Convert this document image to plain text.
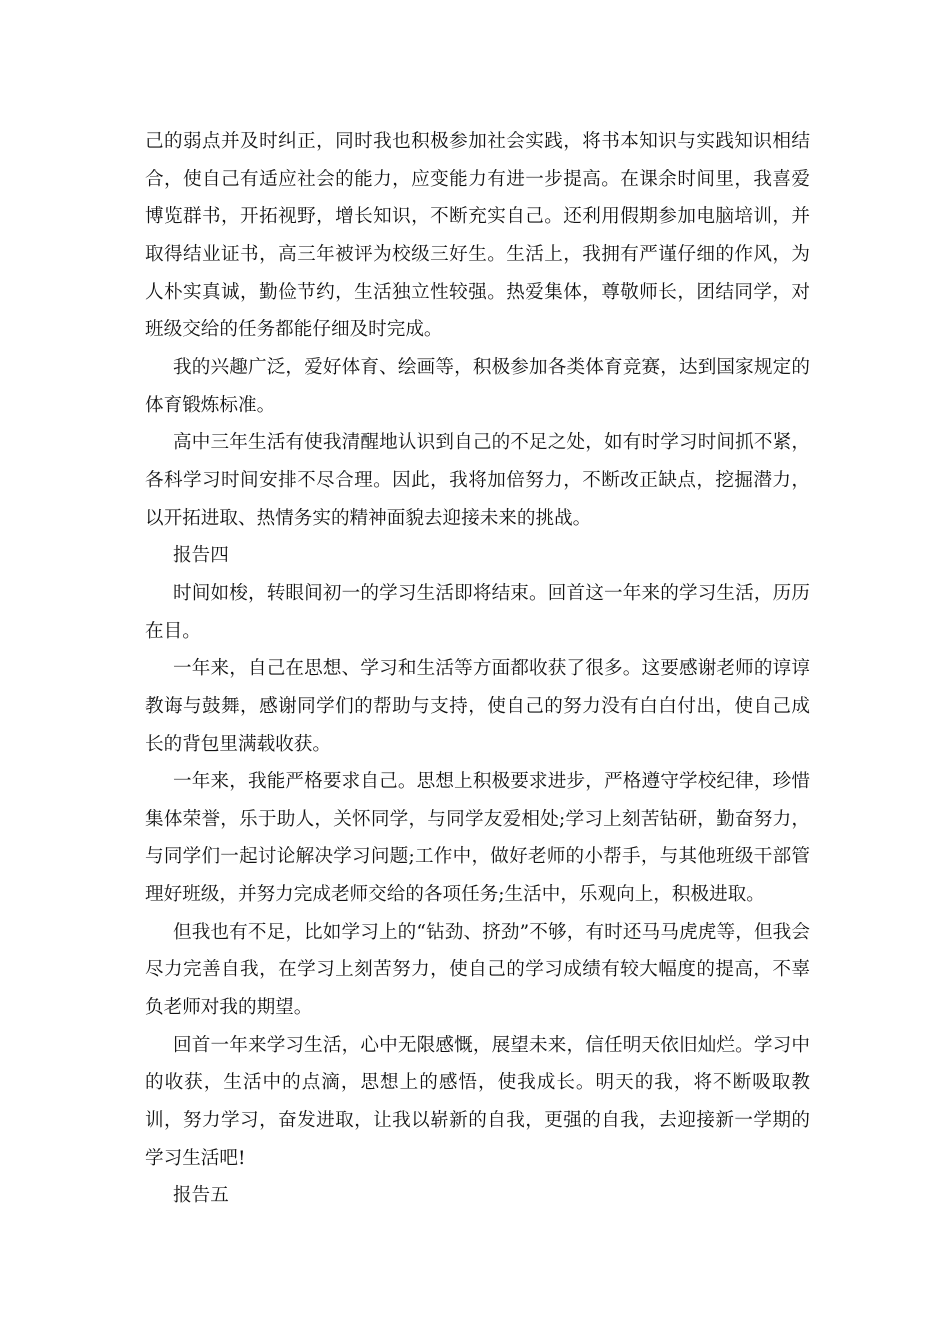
己的弱点并及时纠正，同时我也积极参加社会实践，将书本知识与实践知识相结合，使自己有适应社会的能力，应变能力有进一步提高。在课余时间里，我喜爱博览群书，开拓视野，增长知识，不断充实自己。还利用假期参加电脑培训，并取得结业证书，高三年被评为校级三好生。生活上，我拥有严谨仔细的作风，为人朴实真诚，勤俭节约，生活独立性较强。热爱集体，尊敬师长，团结同学，对班级交给的任务都能仔细及时完成。

我的兴趣广泛，爱好体育、绘画等，积极参加各类体育竞赛，达到国家规定的体育锻炼标准。

高中三年生活有使我清醒地认识到自己的不足之处，如有时学习时间抓不紧，各科学习时间安排不尽合理。因此，我将加倍努力，不断改正缺点，挖掘潜力，以开拓进取、热情务实的精神面貌去迎接未来的挑战。

报告四

时间如梭，转眼间初一的学习生活即将结束。回首这一年来的学习生活，历历在目。

一年来，自己在思想、学习和生活等方面都收获了很多。这要感谢老师的谆谆教诲与鼓舞，感谢同学们的帮助与支持，使自己的努力没有白白付出，使自己成长的背包里满载收获。

一年来，我能严格要求自己。思想上积极要求进步，严格遵守学校纪律，珍惜集体荣誉，乐于助人，关怀同学，与同学友爱相处;学习上刻苦钻研，勤奋努力，与同学们一起讨论解决学习问题;工作中，做好老师的小帮手，与其他班级干部管理好班级，并努力完成老师交给的各项任务;生活中，乐观向上，积极进取。

但我也有不足，比如学习上的“钻劲、挤劲”不够，有时还马马虎虎等，但我会尽力完善自我，在学习上刻苦努力，使自己的学习成绩有较大幅度的提高，不辜负老师对我的期望。

回首一年来学习生活，心中无限感慨，展望未来，信任明天依旧灿烂。学习中的收获，生活中的点滴，思想上的感悟，使我成长。明天的我，将不断吸取教训，努力学习，奋发进取，让我以崭新的自我，更强的自我，去迎接新一学期的学习生活吧!

报告五
